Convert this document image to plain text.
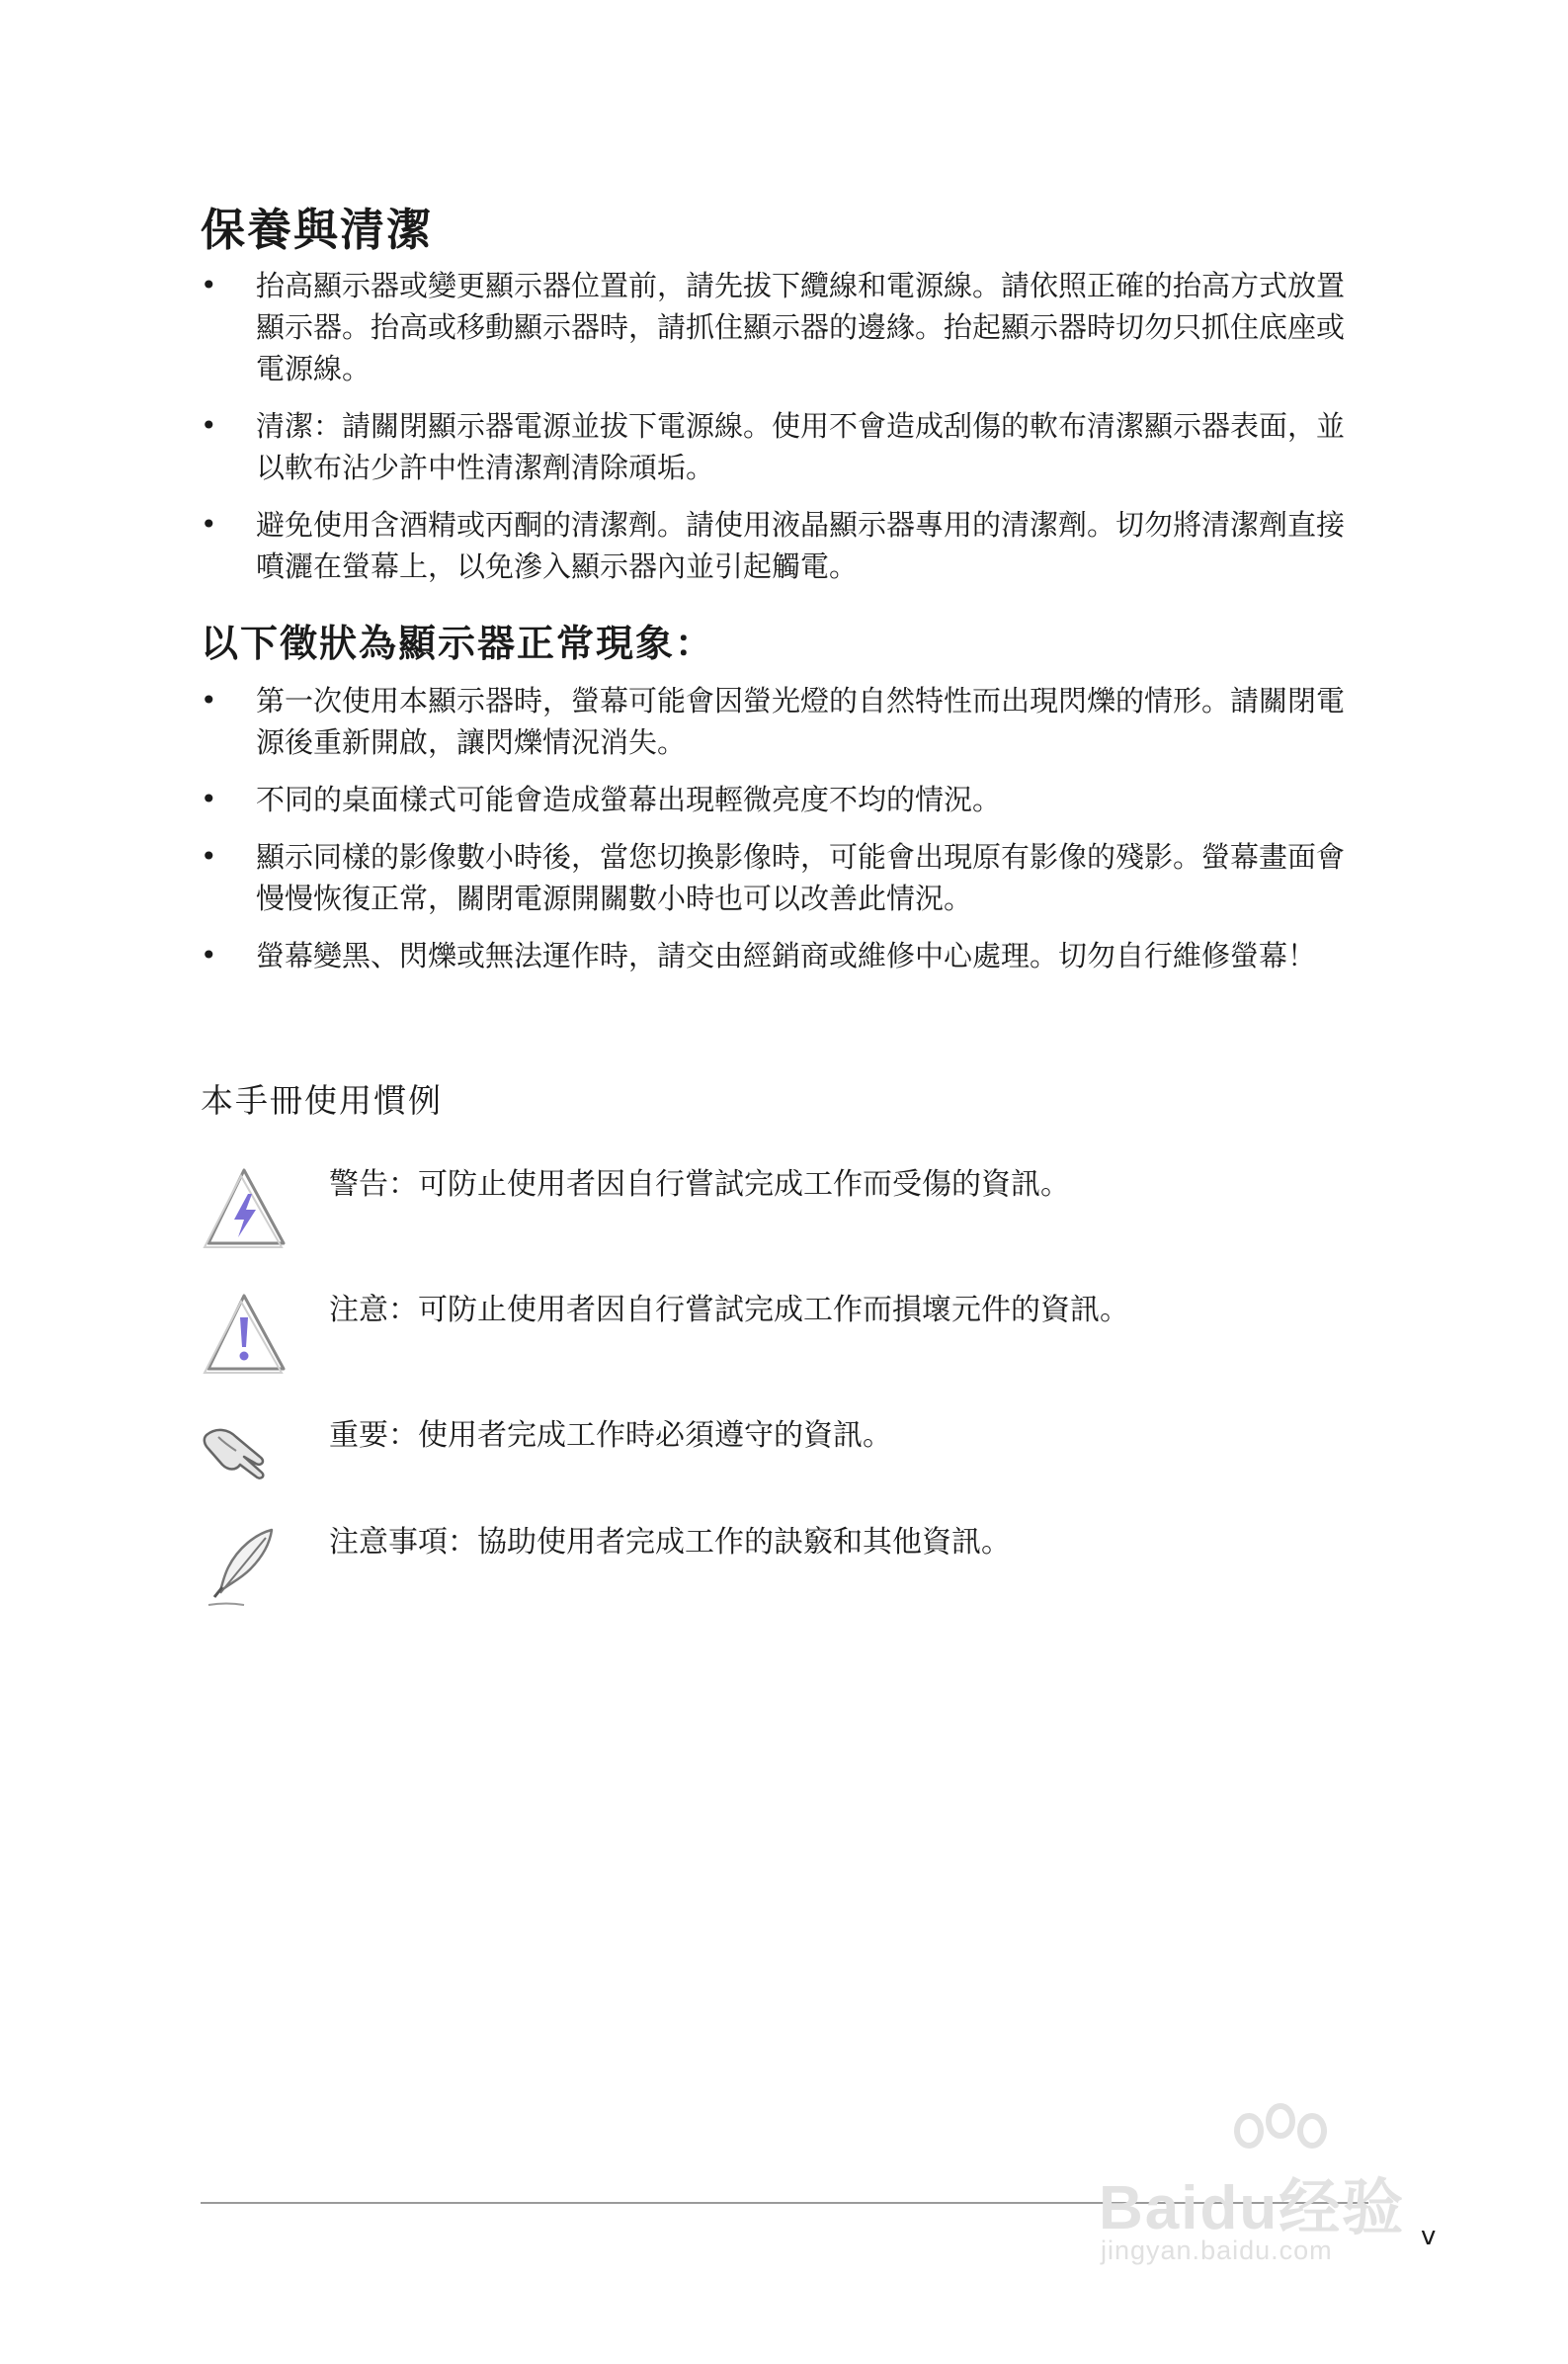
保養與清潔
•	抬高顯示器或變更顯示器位置前，請先拔下纜線和電源線。請依照正確的抬高方式放置顯示器。抬高或移動顯示器時，請抓住顯示器的邊緣。抬起顯示器時切勿只抓住底座或電源線。
•	清潔：請關閉顯示器電源並拔下電源線。使用不會造成刮傷的軟布清潔顯示器表面，並以軟布沾少許中性清潔劑清除頑垢。
•	避免使用含酒精或丙酮的清潔劑。請使用液晶顯示器專用的清潔劑。切勿將清潔劑直接噴灑在螢幕上，以免滲入顯示器內並引起觸電。
以下徵狀為顯示器正常現象：
•	第一次使用本顯示器時，螢幕可能會因螢光燈的自然特性而出現閃爍的情形。請關閉電源後重新開啟，讓閃爍情況消失。
•	不同的桌面樣式可能會造成螢幕出現輕微亮度不均的情況。
•	顯示同樣的影像數小時後，當您切換影像時，可能會出現原有影像的殘影。螢幕畫面會慢慢恢復正常，關閉電源開關數小時也可以改善此情況。
•	螢幕變黑、閃爍或無法運作時，請交由經銷商或維修中心處理。切勿自行維修螢幕！
本手冊使用慣例
警告：可防止使用者因自行嘗試完成工作而受傷的資訊。
注意：可防止使用者因自行嘗試完成工作而損壞元件的資訊。
重要：使用者完成工作時必須遵守的資訊。
注意事項：協助使用者完成工作的訣竅和其他資訊。
v
Baidu经验
jingyan.baidu.com
